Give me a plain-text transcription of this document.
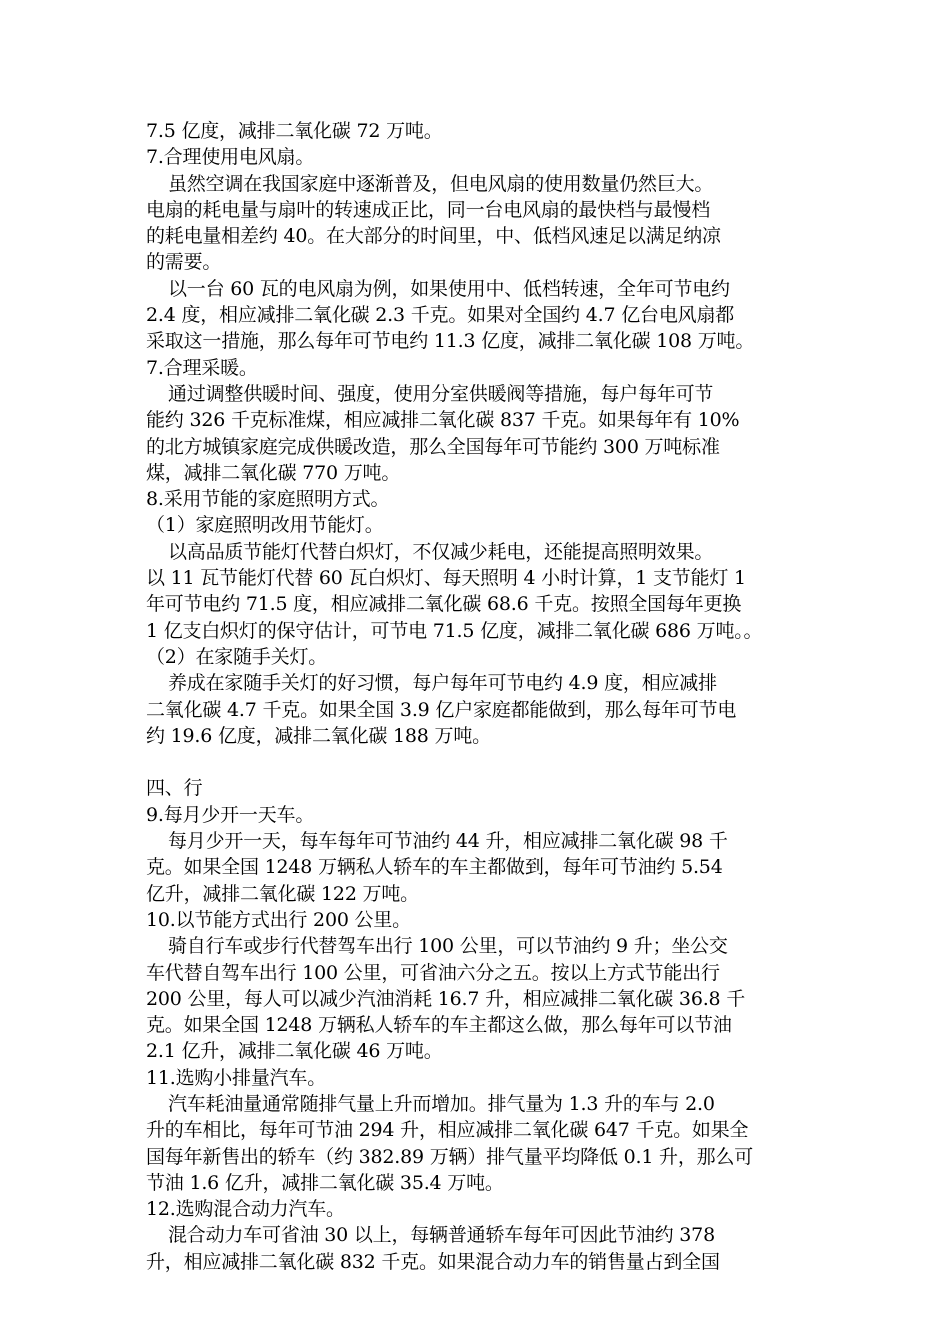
7.5 亿度，减排二氧化碳 72 万吨。
7.合理使用电风扇。
虽然空调在我国家庭中逐渐普及，但电风扇的使用数量仍然巨大。
电扇的耗电量与扇叶的转速成正比，同一台电风扇的最快档与最慢档
的耗电量相差约 40。在大部分的时间里，中、低档风速足以满足纳凉
的需要。
以一台 60 瓦的电风扇为例，如果使用中、低档转速，全年可节电约
2.4 度，相应减排二氧化碳 2.3 千克。如果对全国约 4.7 亿台电风扇都
采取这一措施，那么每年可节电约 11.3 亿度，减排二氧化碳 108 万吨。
7.合理采暖。
通过调整供暖时间、强度，使用分室供暖阀等措施，每户每年可节
能约 326 千克标准煤，相应减排二氧化碳 837 千克。如果每年有 10%
的北方城镇家庭完成供暖改造，那么全国每年可节能约 300 万吨标准
煤，减排二氧化碳 770 万吨。
8.采用节能的家庭照明方式。
（1）家庭照明改用节能灯。
以高品质节能灯代替白炽灯，不仅减少耗电，还能提高照明效果。
以 11 瓦节能灯代替 60 瓦白炽灯、每天照明 4 小时计算，1 支节能灯 1
年可节电约 71.5 度，相应减排二氧化碳 68.6 千克。按照全国每年更换
1 亿支白炽灯的保守估计，可节电 71.5 亿度，减排二氧化碳 686 万吨。。
（2）在家随手关灯。
养成在家随手关灯的好习惯，每户每年可节电约 4.9 度，相应减排
二氧化碳 4.7 千克。如果全国 3.9 亿户家庭都能做到，那么每年可节电
约 19.6 亿度，减排二氧化碳 188 万吨。
四、行
9.每月少开一天车。
每月少开一天，每车每年可节油约 44 升，相应减排二氧化碳 98 千
克。如果全国 1248 万辆私人轿车的车主都做到，每年可节油约 5.54
亿升，减排二氧化碳 122 万吨。
10.以节能方式出行 200 公里。
骑自行车或步行代替驾车出行 100 公里，可以节油约 9 升；坐公交
车代替自驾车出行 100 公里，可省油六分之五。按以上方式节能出行
200 公里，每人可以减少汽油消耗 16.7 升，相应减排二氧化碳 36.8 千
克。如果全国 1248 万辆私人轿车的车主都这么做，那么每年可以节油
2.1 亿升，减排二氧化碳 46 万吨。
11.选购小排量汽车。
汽车耗油量通常随排气量上升而增加。排气量为 1.3 升的车与 2.0
升的车相比，每年可节油 294 升，相应减排二氧化碳 647 千克。如果全
国每年新售出的轿车（约 382.89 万辆）排气量平均降低 0.1 升，那么可
节油 1.6 亿升，减排二氧化碳 35.4 万吨。
12.选购混合动力汽车。
混合动力车可省油 30 以上，每辆普通轿车每年可因此节油约 378
升，相应减排二氧化碳 832 千克。如果混合动力车的销售量占到全国
